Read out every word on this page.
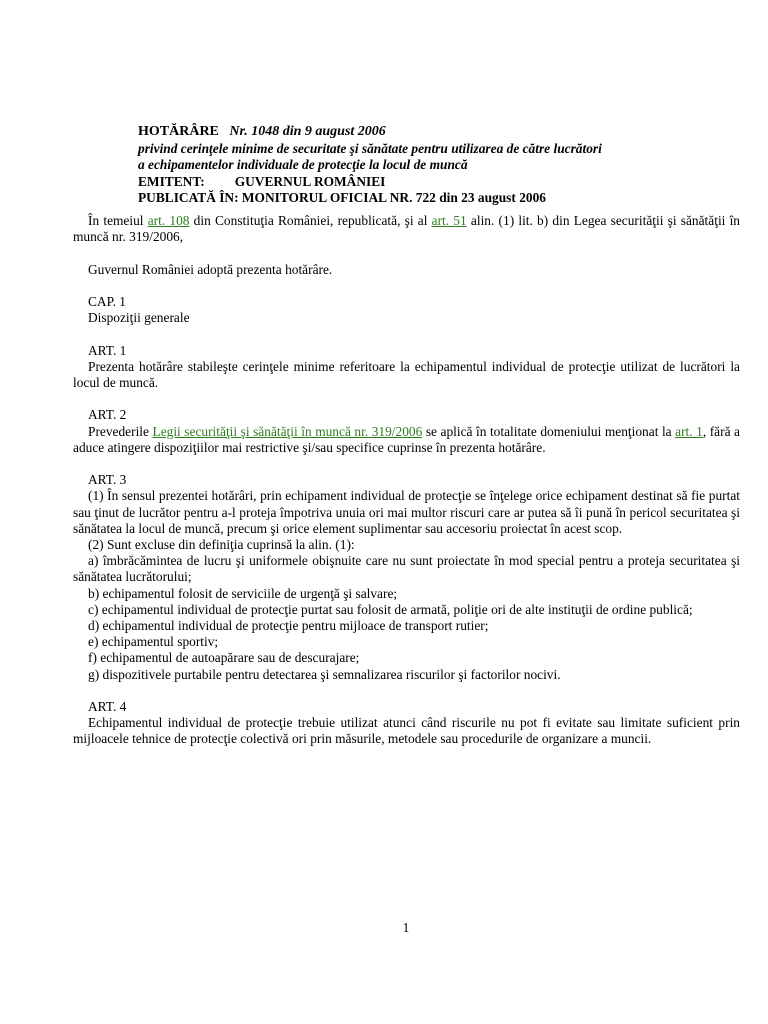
HOTĂRÂRE Nr. 1048 din 9 august 2006
privind cerinţele minime de securitate şi sănătate pentru utilizarea de către lucrători
a echipamentelor individuale de protecţie la locul de muncă
EMITENT: GUVERNUL ROMÂNIEI
PUBLICATĂ ÎN: MONITORUL OFICIAL NR. 722 din 23 august 2006

În temeiul art. 108 din Constituţia României, republicată, şi al art. 51 alin. (1) lit. b) din Legea securităţii şi sănătăţii în muncă nr. 319/2006,

Guvernul României adoptă prezenta hotărâre.

CAP. 1

Dispoziţii generale

ART. 1

Prezenta hotărâre stabileşte cerinţele minime referitoare la echipamentul individual de protecţie utilizat de lucrători la locul de muncă.

ART. 2

Prevederile Legii securităţii şi sănătăţii în muncă nr. 319/2006 se aplică în totalitate domeniului menţionat la art. 1, fără a aduce atingere dispoziţiilor mai restrictive şi/sau specifice cuprinse în prezenta hotărâre.

ART. 3

(1) În sensul prezentei hotărâri, prin echipament individual de protecţie se înţelege orice echipament destinat să fie purtat sau ţinut de lucrător pentru a-l proteja împotriva unuia ori mai multor riscuri care ar putea să îi pună în pericol securitatea şi sănătatea la locul de muncă, precum şi orice element suplimentar sau accesoriu proiectat în acest scop.

(2) Sunt excluse din definiţia cuprinsă la alin. (1):

a) îmbrăcămintea de lucru şi uniformele obişnuite care nu sunt proiectate în mod special pentru a proteja securitatea şi sănătatea lucrătorului;

b) echipamentul folosit de serviciile de urgenţă şi salvare;

c) echipamentul individual de protecţie purtat sau folosit de armată, poliţie ori de alte instituţii de ordine publică;

d) echipamentul individual de protecţie pentru mijloace de transport rutier;

e) echipamentul sportiv;

f) echipamentul de autoapărare sau de descurajare;

g) dispozitivele purtabile pentru detectarea şi semnalizarea riscurilor şi factorilor nocivi.

ART. 4

Echipamentul individual de protecţie trebuie utilizat atunci când riscurile nu pot fi evitate sau limitate suficient prin mijloacele tehnice de protecţie colectivă ori prin măsurile, metodele sau procedurile de organizare a muncii.

1
